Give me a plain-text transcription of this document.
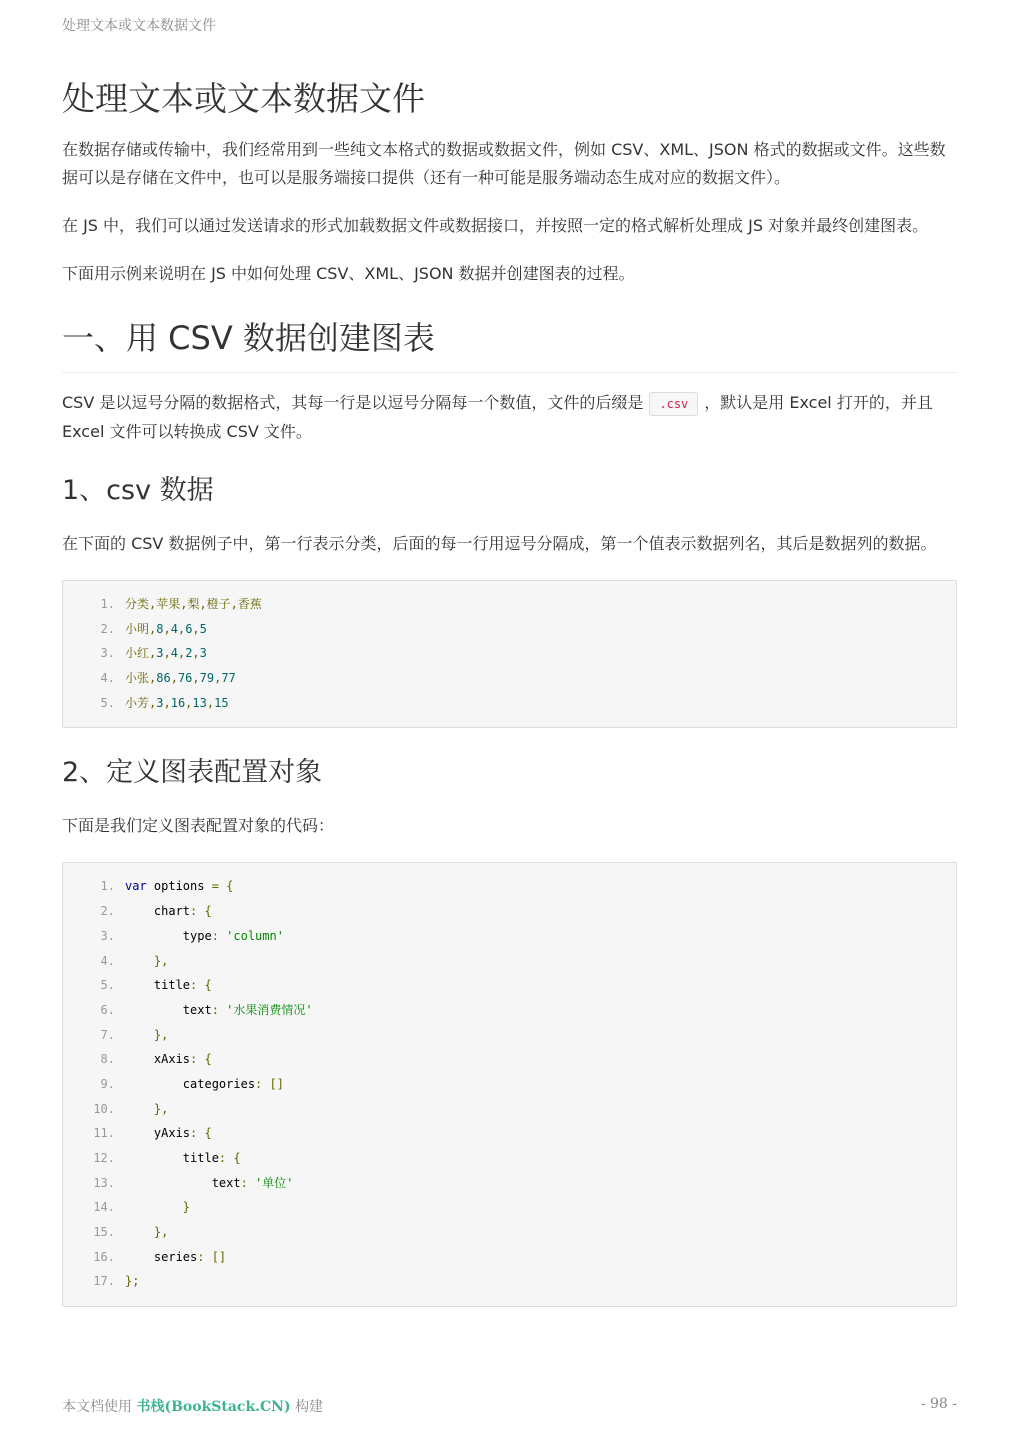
处理文本或文本数据文件
处理文本或文本数据文件

在数据存储或传输中，我们经常用到一些纯文本格式的数据或数据文件，例如 CSV、XML、JSON 格式的数据或文件。这些数据可以是存储在文件中，也可以是服务端接口提供（还有一种可能是服务端动态生成对应的数据文件）。

在 JS 中，我们可以通过发送请求的形式加载数据文件或数据接口，并按照一定的格式解析处理成 JS 对象并最终创建图表。

下面用示例来说明在 JS 中如何处理 CSV、XML、JSON 数据并创建图表的过程。

一、用 CSV 数据创建图表

CSV 是以逗号分隔的数据格式，其每一行是以逗号分隔每一个数值，文件的后缀是 .csv ，默认是用 Excel 打开的，并且 Excel 文件可以转换成 CSV 文件。

1、csv 数据

在下面的 CSV 数据例子中，第一行表示分类，后面的每一行用逗号分隔成，第一个值表示数据列名，其后是数据列的数据。

1. 分类,苹果,梨,橙子,香蕉
2. 小明,8,4,6,5
3. 小红,3,4,2,3
4. 小张,86,76,79,77
5. 小芳,3,16,13,15
2、定义图表配置对象

下面是我们定义图表配置对象的代码：

1. var options = {
2. chart: {
3. type: 'column'
4. },
5. title: {
6. text: '水果消费情况'
7. },
8. xAxis: {
9. categories: []
10. },
11. yAxis: {
12. title: {
13. text: '单位'
14. }
15. },
16. series: []
17. };
本文档使用 书栈(BookStack.CN) 构建	- 98 -
